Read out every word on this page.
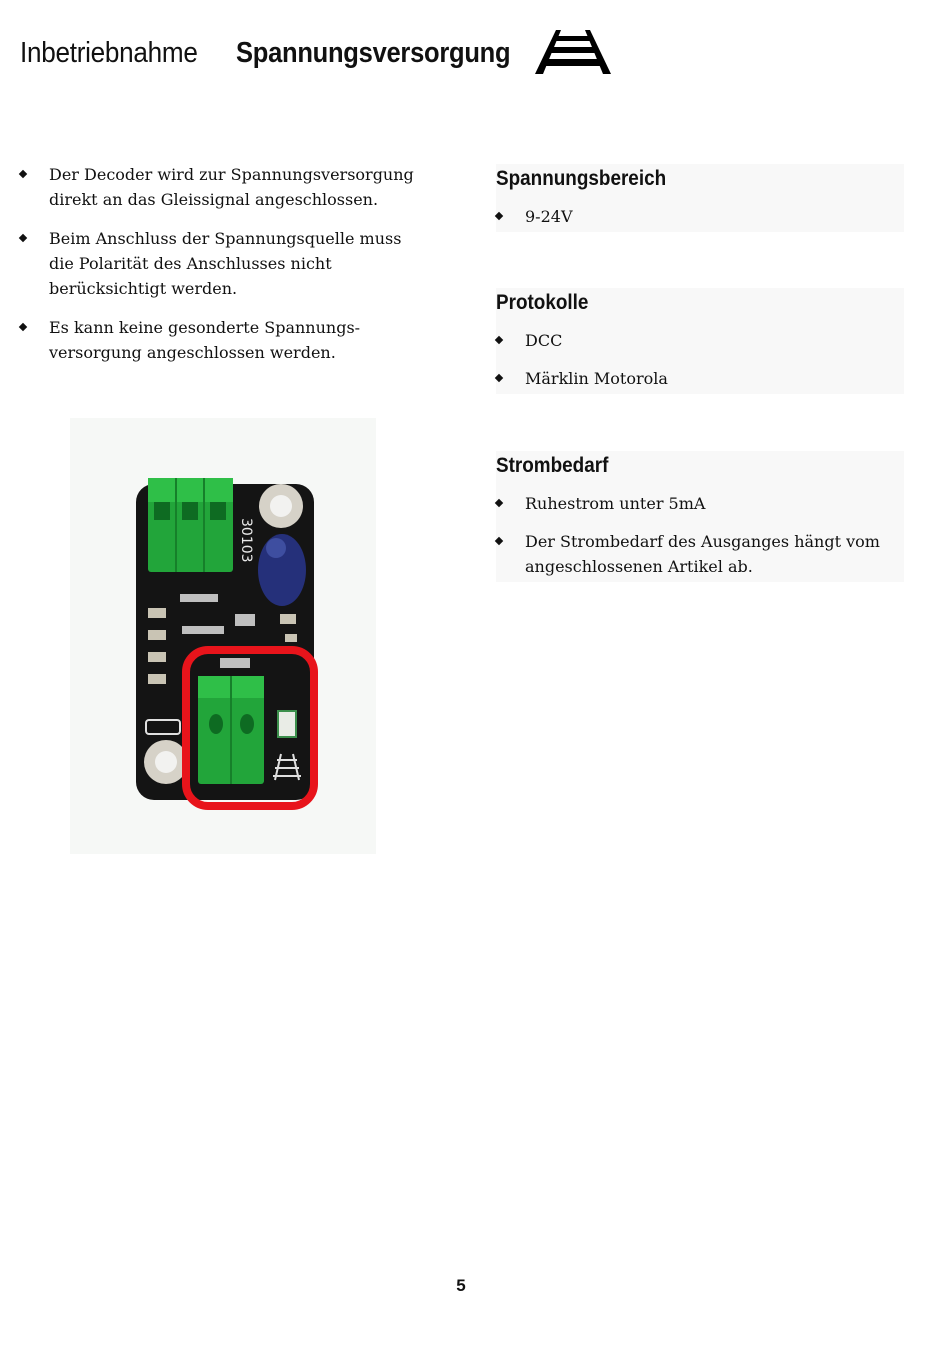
Inbetriebnahme Spannungsversorgung
Der Decoder wird zur Spannungsversorgung direkt an das Gleissignal angeschlossen.
Beim Anschluss der Spannungsquelle muss die Polarität des Anschlusses nicht berücksichtigt werden.
Es kann keine gesonderte Spannungs-versorgung angeschlossen werden.
Spannungsbereich
9-24V
Protokolle
DCC
Märklin Motorola
Strombedarf
Ruhestrom unter 5mA
Der Strombedarf des Ausganges hängt vom angeschlossenen Artikel ab.
30103
5
